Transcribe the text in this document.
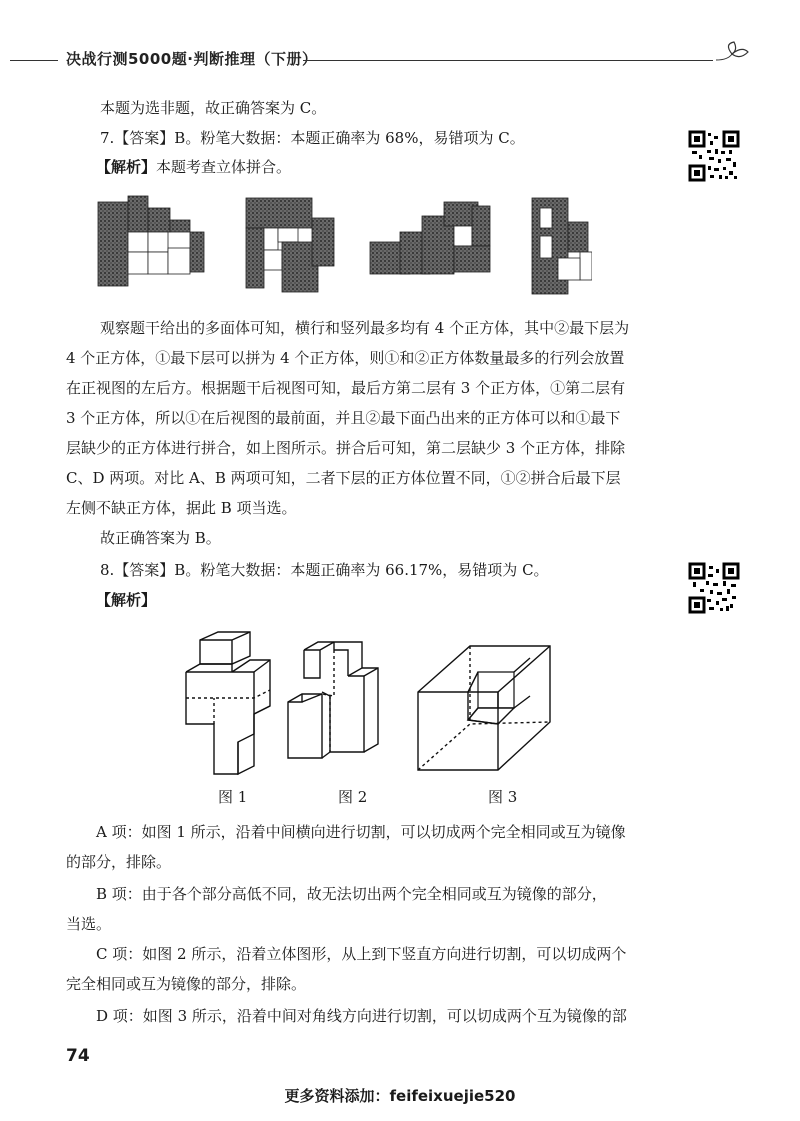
决战行测5000题·判断推理（下册）
本题为选非题，故正确答案为 C。
7.【答案】B。粉笔大数据：本题正确率为 68%，易错项为 C。
【解析】本题考查立体拼合。
观察题干给出的多面体可知，横行和竖列最多均有 4 个正方体，其中②最下层为
4 个正方体，①最下层可以拼为 4 个正方体，则①和②正方体数量最多的行列会放置
在正视图的左后方。根据题干后视图可知，最后方第二层有 3 个正方体，①第二层有
3 个正方体，所以①在后视图的最前面，并且②最下面凸出来的正方体可以和①最下
层缺少的正方体进行拼合，如上图所示。拼合后可知，第二层缺少 3 个正方体，排除
C、D 两项。对比 A、B 两项可知，二者下层的正方体位置不同，①②拼合后最下层
左侧不缺正方体，据此 B 项当选。
故正确答案为 B。
8.【答案】B。粉笔大数据：本题正确率为 66.17%，易错项为 C。
【解析】
图 1	图 2	图 3
A 项：如图 1 所示，沿着中间横向进行切割，可以切成两个完全相同或互为镜像
的部分，排除。
B 项：由于各个部分高低不同，故无法切出两个完全相同或互为镜像的部分，
当选。
C 项：如图 2 所示，沿着立体图形，从上到下竖直方向进行切割，可以切成两个
完全相同或互为镜像的部分，排除。
D 项：如图 3 所示，沿着中间对角线方向进行切割，可以切成两个互为镜像的部
74
更多资料添加：feifeixuejie520
